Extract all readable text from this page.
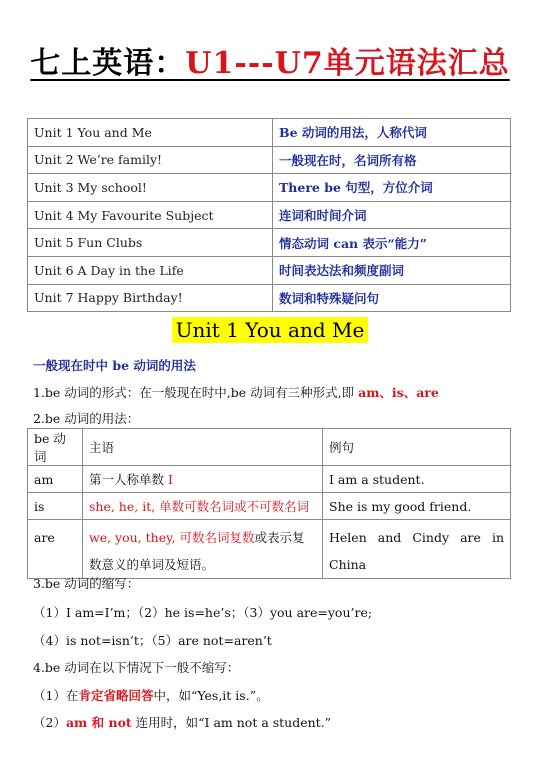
七上英语：U1---U7单元语法汇总
Unit 1 You and Me	Be 动词的用法，人称代词
Unit 2 We’re family!	一般现在时，名词所有格
Unit 3 My school!	There be 句型，方位介词
Unit 4 My Favourite Subject	连词和时间介词
Unit 5 Fun Clubs	情态动词 can 表示“能力”
Unit 6 A Day in the Life	时间表达法和频度副词
Unit 7 Happy Birthday!	数词和特殊疑问句
Unit 1 You and Me
一般现在时中 be 动词的用法
1.be 动词的形式：在一般现在时中,be 动词有三种形式,即 am、is、are
2.be 动词的用法：
be 动词	主语	例句
am	第一人称单数 I	I am a student.
is	she, he, it, 单数可数名词或不可数名词	She is my good friend.
are	we, you, they, 可数名词复数或表示复数意义的单词及短语。	Helen and Cindy are in China
3.be 动词的缩写：
（1）I am=I’m；（2）he is=he’s；（3）you are=you’re;
（4）is not=isn’t；（5）are not=aren’t
4.be 动词在以下情况下一般不缩写：
（1）在肯定省略回答中，如“Yes,it is.”。
（2）am 和 not 连用时，如“I am not a student.”
